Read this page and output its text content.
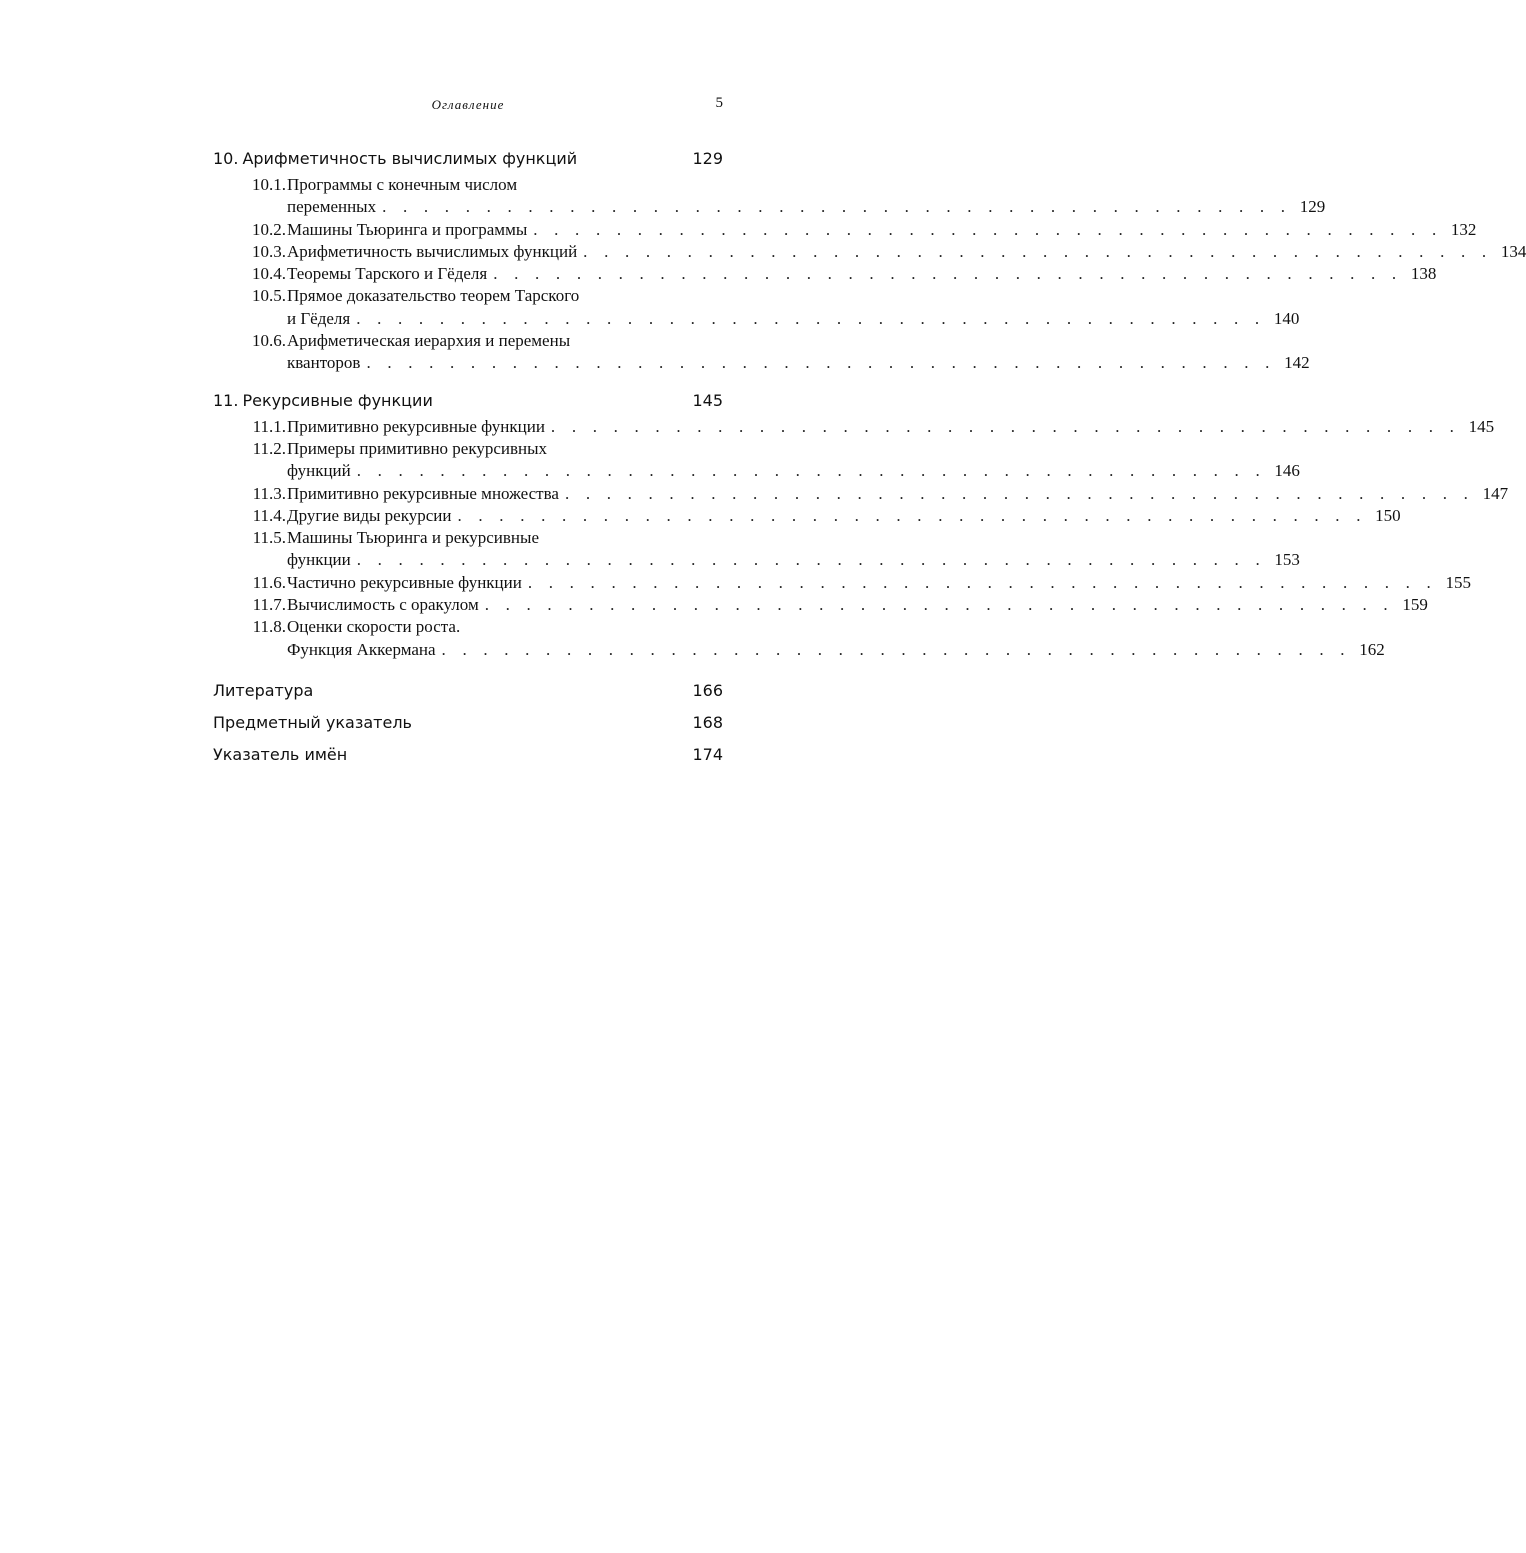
Оглавление	5
10. Арифметичность вычислимых функций	129
10.1. Программы с конечным числом
переменных . . . . . . . . . . . . . . . . . . . . . . . . . . . . . . . . . . . . . . . . . . . . 129
10.2. Машины Тьюринга и программы . . . . . . . . . . . . . . . . . . . . . . . . . . . . . . . . . . . . . . . . . . . . 132
10.3. Арифметичность вычислимых функций . . . . . . . . . . . . . . . . . . . . . . . . . . . . . . . . . . . . . . . . . . . . 134
10.4. Теоремы Тарского и Гёделя . . . . . . . . . . . . . . . . . . . . . . . . . . . . . . . . . . . . . . . . . . . . 138
10.5. Прямое доказательство теорем Тарского
и Гёделя . . . . . . . . . . . . . . . . . . . . . . . . . . . . . . . . . . . . . . . . . . . . 140
10.6. Арифметическая иерархия и перемены
кванторов . . . . . . . . . . . . . . . . . . . . . . . . . . . . . . . . . . . . . . . . . . . . 142
11. Рекурсивные функции	145
11.1. Примитивно рекурсивные функции . . . . . . . . . . . . . . . . . . . . . . . . . . . . . . . . . . . . . . . . . . . . 145
11.2. Примеры примитивно рекурсивных
функций . . . . . . . . . . . . . . . . . . . . . . . . . . . . . . . . . . . . . . . . . . . . 146
11.3. Примитивно рекурсивные множества . . . . . . . . . . . . . . . . . . . . . . . . . . . . . . . . . . . . . . . . . . . . 147
11.4. Другие виды рекурсии . . . . . . . . . . . . . . . . . . . . . . . . . . . . . . . . . . . . . . . . . . . . 150
11.5. Машины Тьюринга и рекурсивные
функции . . . . . . . . . . . . . . . . . . . . . . . . . . . . . . . . . . . . . . . . . . . . 153
11.6. Частично рекурсивные функции . . . . . . . . . . . . . . . . . . . . . . . . . . . . . . . . . . . . . . . . . . . . 155
11.7. Вычислимость с оракулом . . . . . . . . . . . . . . . . . . . . . . . . . . . . . . . . . . . . . . . . . . . . 159
11.8. Оценки скорости роста.
Функция Аккермана . . . . . . . . . . . . . . . . . . . . . . . . . . . . . . . . . . . . . . . . . . . . 162
Литература	166
Предметный указатель	168
Указатель имён	174
